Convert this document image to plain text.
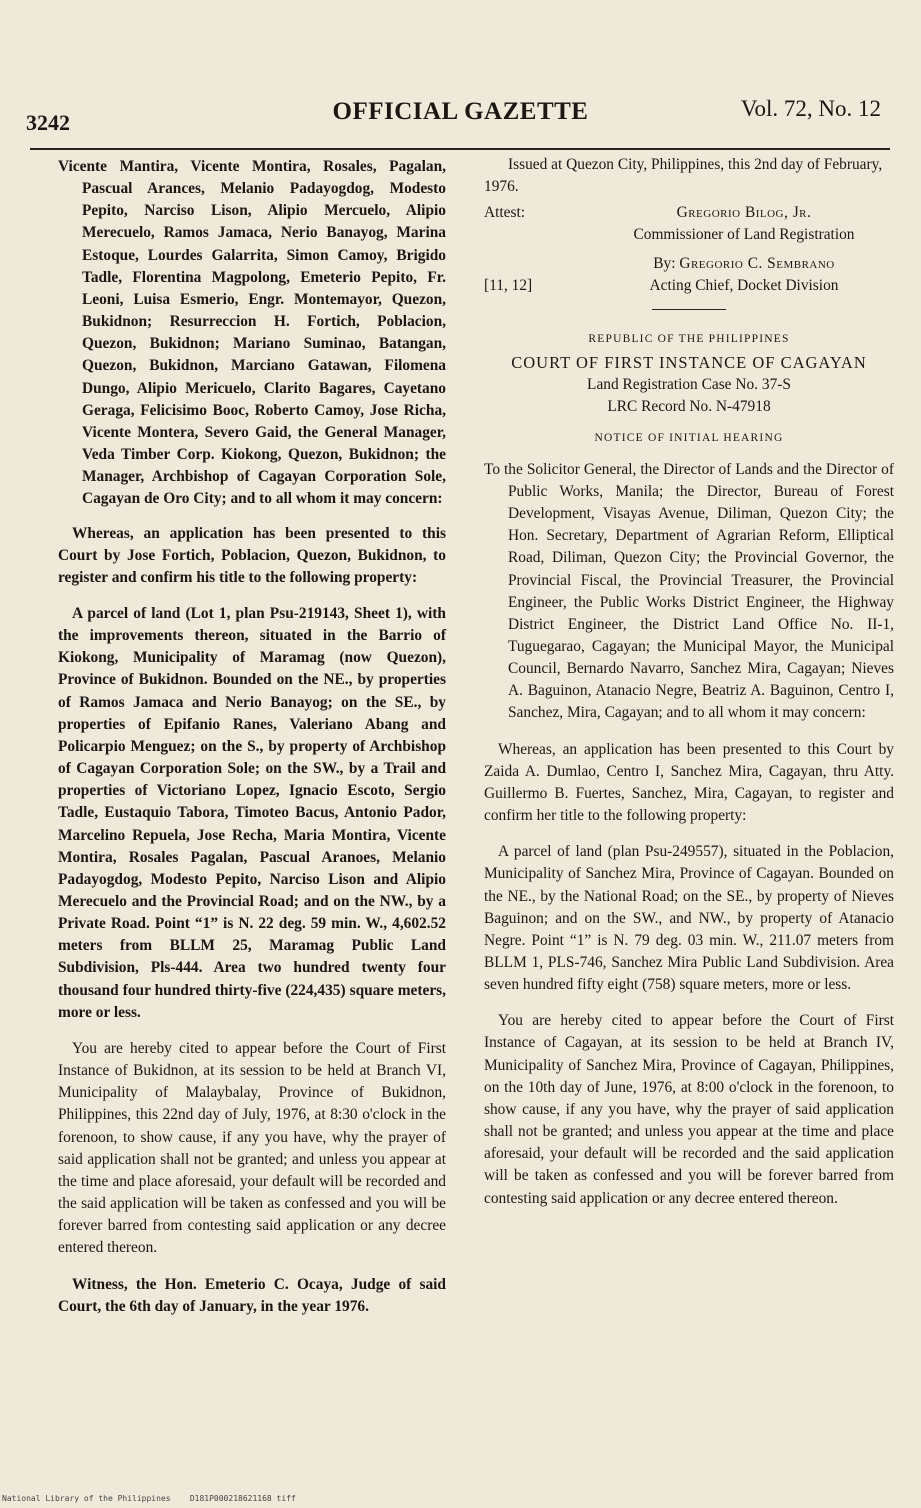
3242	OFFICIAL GAZETTE	Vol. 72, No. 12

Vicente Mantira, Vicente Montira, Rosales, Pagalan, Pascual Arances, Melanio Padayogdog, Modesto Pepito, Narciso Lison, Alipio Mercuelo, Alipio Merecuelo, Ramos Jamaca, Nerio Banayog, Marina Estoque, Lourdes Galarrita, Simon Camoy, Brigido Tadle, Florentina Magpolong, Emeterio Pepito, Fr. Leoni, Luisa Esmerio, Engr. Montemayor, Quezon, Bukidnon; Resurreccion H. Fortich, Poblacion, Quezon, Bukidnon; Mariano Suminao, Batangan, Quezon, Bukidnon, Marciano Gatawan, Filomena Dungo, Alipio Mericuelo, Clarito Bagares, Cayetano Geraga, Felicisimo Booc, Roberto Camoy, Jose Richa, Vicente Montera, Severo Gaid, the General Manager, Veda Timber Corp. Kiokong, Quezon, Bukidnon; the Manager, Archbishop of Cagayan Corporation Sole, Cagayan de Oro City; and to all whom it may concern:

Whereas, an application has been presented to this Court by Jose Fortich, Poblacion, Quezon, Bukidnon, to register and confirm his title to the following property:

A parcel of land (Lot 1, plan Psu-219143, Sheet 1), with the improvements thereon, situated in the Barrio of Kiokong, Municipality of Maramag (now Quezon), Province of Bukidnon. Bounded on the NE., by properties of Ramos Jamaca and Nerio Banayog; on the SE., by properties of Epifanio Ranes, Valeriano Abang and Policarpio Menguez; on the S., by property of Archbishop of Cagayan Corporation Sole; on the SW., by a Trail and properties of Victoriano Lopez, Ignacio Escoto, Sergio Tadle, Eustaquio Tabora, Timoteo Bacus, Antonio Pador, Marcelino Repuela, Jose Recha, Maria Montira, Vicente Montira, Rosales Pagalan, Pascual Aranoes, Melanio Padayogdog, Modesto Pepito, Narciso Lison and Alipio Merecuelo and the Provincial Road; and on the NW., by a Private Road. Point “1” is N. 22 deg. 59 min. W., 4,602.52 meters from BLLM 25, Maramag Public Land Subdivision, Pls-444. Area two hundred twenty four thousand four hundred thirty-five (224,435) square meters, more or less.

You are hereby cited to appear before the Court of First Instance of Bukidnon, at its session to be held at Branch VI, Municipality of Malaybalay, Province of Bukidnon, Philippines, this 22nd day of July, 1976, at 8:30 o'clock in the forenoon, to show cause, if any you have, why the prayer of said application shall not be granted; and unless you appear at the time and place aforesaid, your default will be recorded and the said application will be taken as confessed and you will be forever barred from contesting said application or any decree entered thereon.

Witness, the Hon. Emeterio C. Ocaya, Judge of said Court, the 6th day of January, in the year 1976.

Issued at Quezon City, Philippines, this 2nd day of February, 1976.

Attest:	Gregorio Bilog, Jr.
Commissioner of Land Registration
[11, 12]
By: Gregorio C. Sembrano
Acting Chief, Docket Division
REPUBLIC OF THE PHILIPPINES
COURT OF FIRST INSTANCE OF CAGAYAN
Land Registration Case No. 37-S
LRC Record No. N-47918
NOTICE OF INITIAL HEARING

To the Solicitor General, the Director of Lands and the Director of Public Works, Manila; the Director, Bureau of Forest Development, Visayas Avenue, Diliman, Quezon City; the Hon. Secretary, Department of Agrarian Reform, Elliptical Road, Diliman, Quezon City; the Provincial Governor, the Provincial Fiscal, the Provincial Treasurer, the Provincial Engineer, the Public Works District Engineer, the Highway District Engineer, the District Land Office No. II-1, Tuguegarao, Cagayan; the Municipal Mayor, the Municipal Council, Bernardo Navarro, Sanchez Mira, Cagayan; Nieves A. Baguinon, Atanacio Negre, Beatriz A. Baguinon, Centro I, Sanchez, Mira, Cagayan; and to all whom it may concern:

Whereas, an application has been presented to this Court by Zaida A. Dumlao, Centro I, Sanchez Mira, Cagayan, thru Atty. Guillermo B. Fuertes, Sanchez, Mira, Cagayan, to register and confirm her title to the following property:

A parcel of land (plan Psu-249557), situated in the Poblacion, Municipality of Sanchez Mira, Province of Cagayan. Bounded on the NE., by the National Road; on the SE., by property of Nieves Baguinon; and on the SW., and NW., by property of Atanacio Negre. Point “1” is N. 79 deg. 03 min. W., 211.07 meters from BLLM 1, PLS-746, Sanchez Mira Public Land Subdivision. Area seven hundred fifty eight (758) square meters, more or less.

You are hereby cited to appear before the Court of First Instance of Cagayan, at its session to be held at Branch IV, Municipality of Sanchez Mira, Province of Cagayan, Philippines, on the 10th day of June, 1976, at 8:00 o'clock in the forenoon, to show cause, if any you have, why the prayer of said application shall not be granted; and unless you appear at the time and place aforesaid, your default will be recorded and the said application will be taken as confessed and you will be forever barred from contesting said application or any decree entered thereon.

National Library of the Philippines D181P000218621168 tiff
